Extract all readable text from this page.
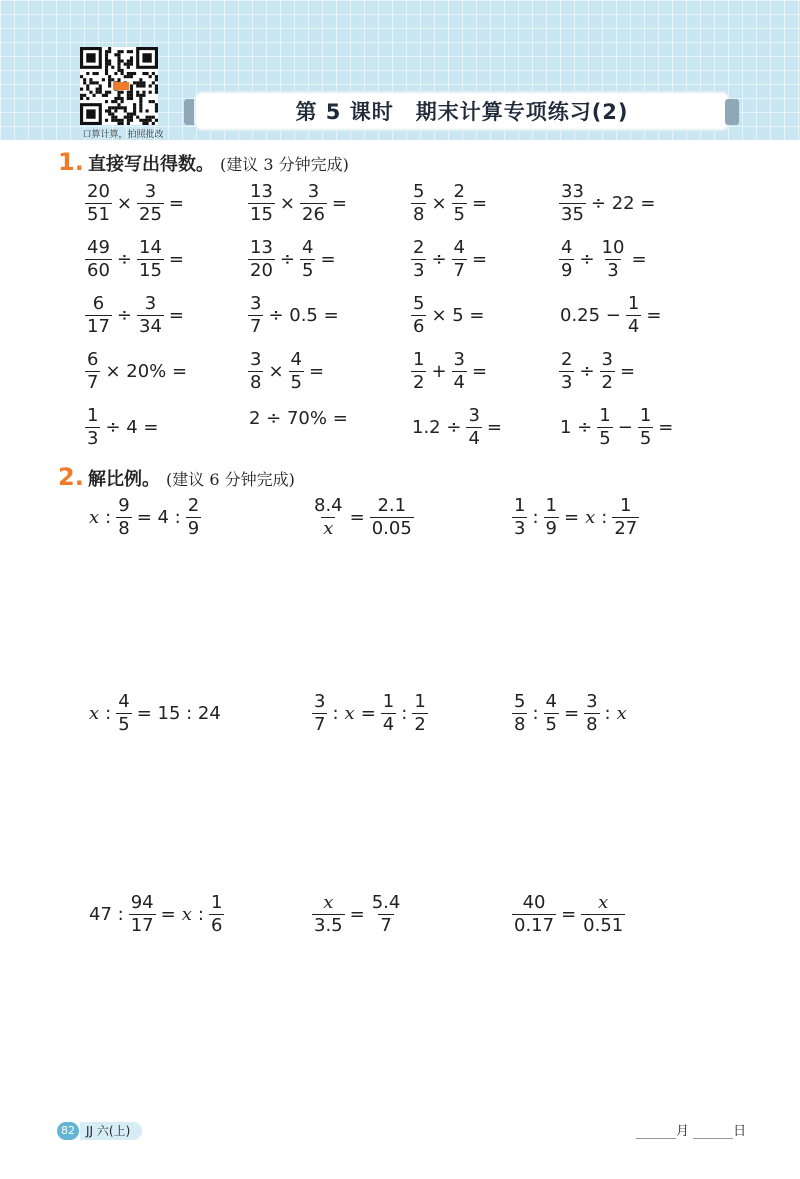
口算计算，拍照批改
第 5 课时　期末计算专项练习(2)
1. 直接写出得数。 (建议 3 分钟完成)
$\frac{20}{51} \times \frac{3}{25}$ =	$\frac{13}{15} \times \frac{3}{26}$ =	$\frac{5}{8} \times \frac{2}{5}$ =	$\frac{33}{35} \div 22$ =
$\frac{49}{60} \div \frac{14}{15}$ =	$\frac{13}{20} \div \frac{4}{5}$ =	$\frac{2}{3} \div \frac{4}{7}$ =	$\frac{4}{9} \div \frac{10}{3}$ =
$\frac{6}{17} \div \frac{3}{34}$ =	$\frac{3}{7} \div 0.5$ =	$\frac{5}{6} \times 5$ =	$0.25 - \frac{1}{4}$ =
$\frac{6}{7} \times 20\%$ =	$\frac{3}{8} \times \frac{4}{5}$ =	$\frac{1}{2} + \frac{3}{4}$ =	$\frac{2}{3} \div \frac{3}{2}$ =
$\frac{1}{3} \div 4$ =	2 ÷ 70% =	$1.2 \div \frac{3}{4}$ =	$1 \div \frac{1}{5} - \frac{1}{5}$ =
2. 解比例。 (建议 6 分钟完成)
x : $\frac{9}{8} = 4$ : $\frac{2}{9}$	$\frac{8.4}{x} = \frac{2.1}{0.05}$	$\frac{1}{3}$ : $\frac{1}{9} = x$ : $\frac{1}{27}$
x : $\frac{4}{5} = 15$ : 24	$\frac{3}{7}$ : $x = \frac{1}{4}$ : $\frac{1}{2}$	$\frac{5}{8}$ : $\frac{4}{5} = \frac{3}{8}$ : x
47 : $\frac{94}{17} = x$ : $\frac{1}{6}$	$\frac{x}{3.5} = \frac{5.4}{7}$	$\frac{40}{0.17} = \frac{x}{0.51}$
82 JJ 六(上)	月	日
